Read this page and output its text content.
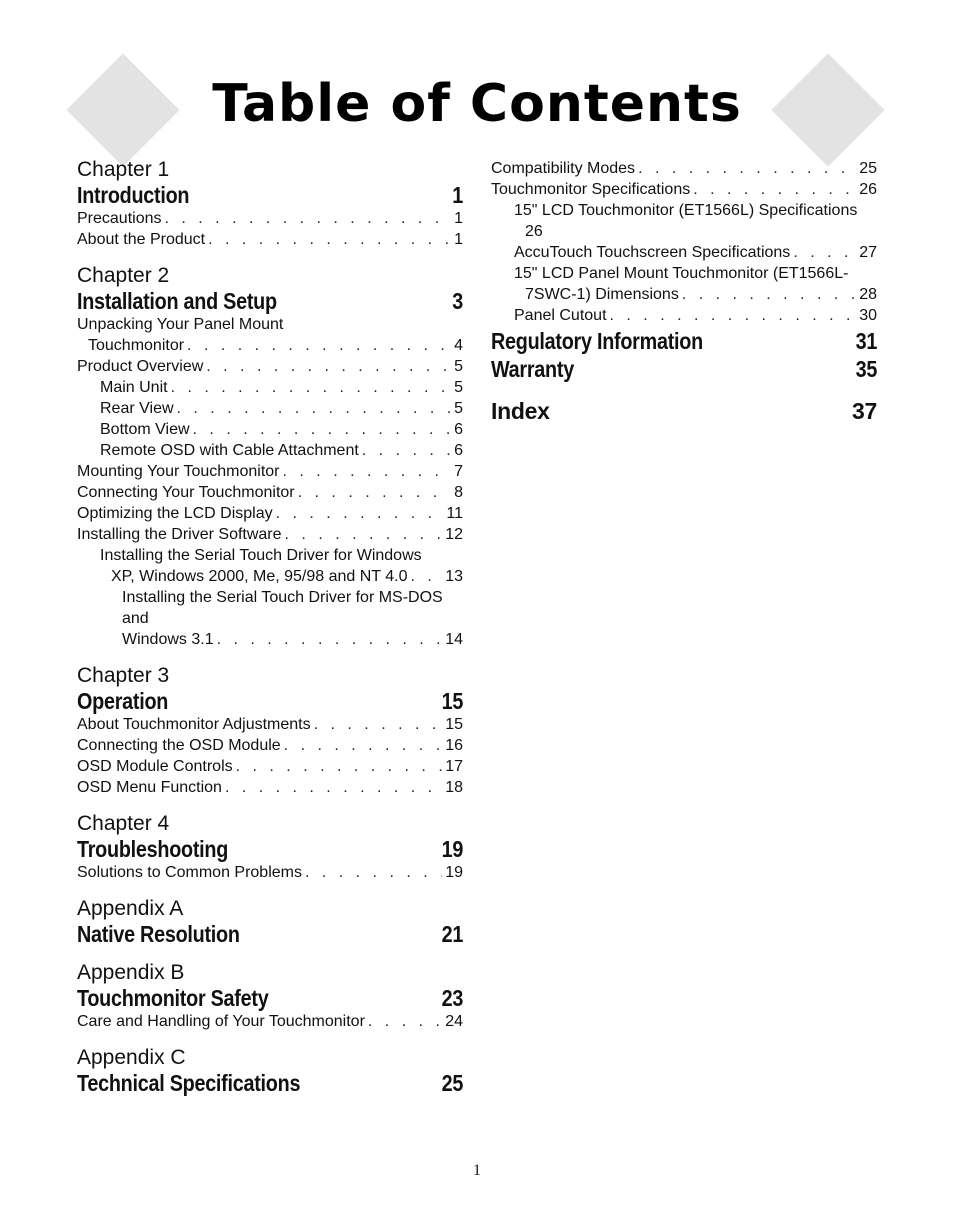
Table of Contents
Chapter 1
Introduction	1
Precautions . . .	1
About the Product . . .	1
Chapter 2
Installation and Setup	3
Unpacking Your Panel Mount
Touchmonitor . . .	4
Product Overview . . .	5
Main Unit . . .	5
Rear View . . .	5
Bottom View . . .	6
Remote OSD with Cable Attachment . . .	6
Mounting Your Touchmonitor . . .	7
Connecting Your Touchmonitor . . .	8
Optimizing the LCD Display . . .	11
Installing the Driver Software . . .	12
Installing the Serial Touch Driver for Windows
XP, Windows 2000, Me, 95/98 and NT 4.0 . . . 13
Installing the Serial Touch Driver for MS-DOS
and
Windows 3.1 . . .	14
Chapter 3
Operation	15
About Touchmonitor Adjustments . . .	15
Connecting the OSD Module . . .	16
OSD Module Controls . . .	17
OSD Menu Function . . .	18
Chapter 4
Troubleshooting	19
Solutions to Common Problems . . .	19
Appendix A
Native Resolution	21
Appendix B
Touchmonitor Safety	23
Care and Handling of Your Touchmonitor . . .	24
Appendix C
Technical Specifications	25
Compatibility Modes . . .	25
Touchmonitor Specifications . . .	26
15" LCD Touchmonitor (ET1566L) Specifications
26
AccuTouch Touchscreen Specifications . . .	27
15" LCD Panel Mount Touchmonitor (ET1566L-
7SWC-1) Dimensions . . .	28
Panel Cutout . . .	30
Regulatory Information	31
Warranty	35
Index	37
1
